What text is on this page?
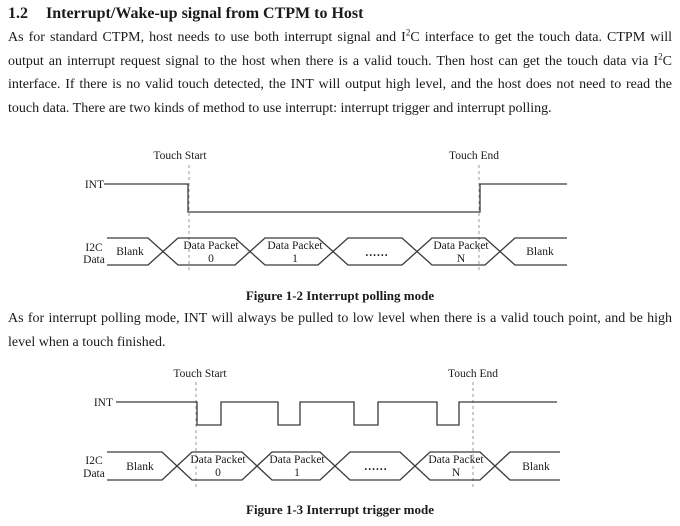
1.2 Interrupt/Wake-up signal from CTPM to Host
As for standard CTPM, host needs to use both interrupt signal and $I^2C$ interface to get the touch data. CTPM will output an interrupt request signal to the host when there is a valid touch. Then host can get the touch data via $I^2C$ interface. If there is no valid touch detected, the INT will output high level, and the host does not need to read the touch data. There are two kinds of method to use interrupt: interrupt trigger and interrupt polling.
Touch Start	Touch End
INT
I2C
Data
Blank	Data Packet
0
Data Packet
1	......
Data Packet
N
Blank
Figure 1-2 Interrupt polling mode
As for interrupt polling mode, INT will always be pulled to low level when there is a valid touch point, and be high level when a touch finished.
Touch Start	Touch End
INT
I2C
Data
Blank
Data Packet
0
Data Packet
1	......
Data Packet
N	Blank
Figure 1-3 Interrupt trigger mode
